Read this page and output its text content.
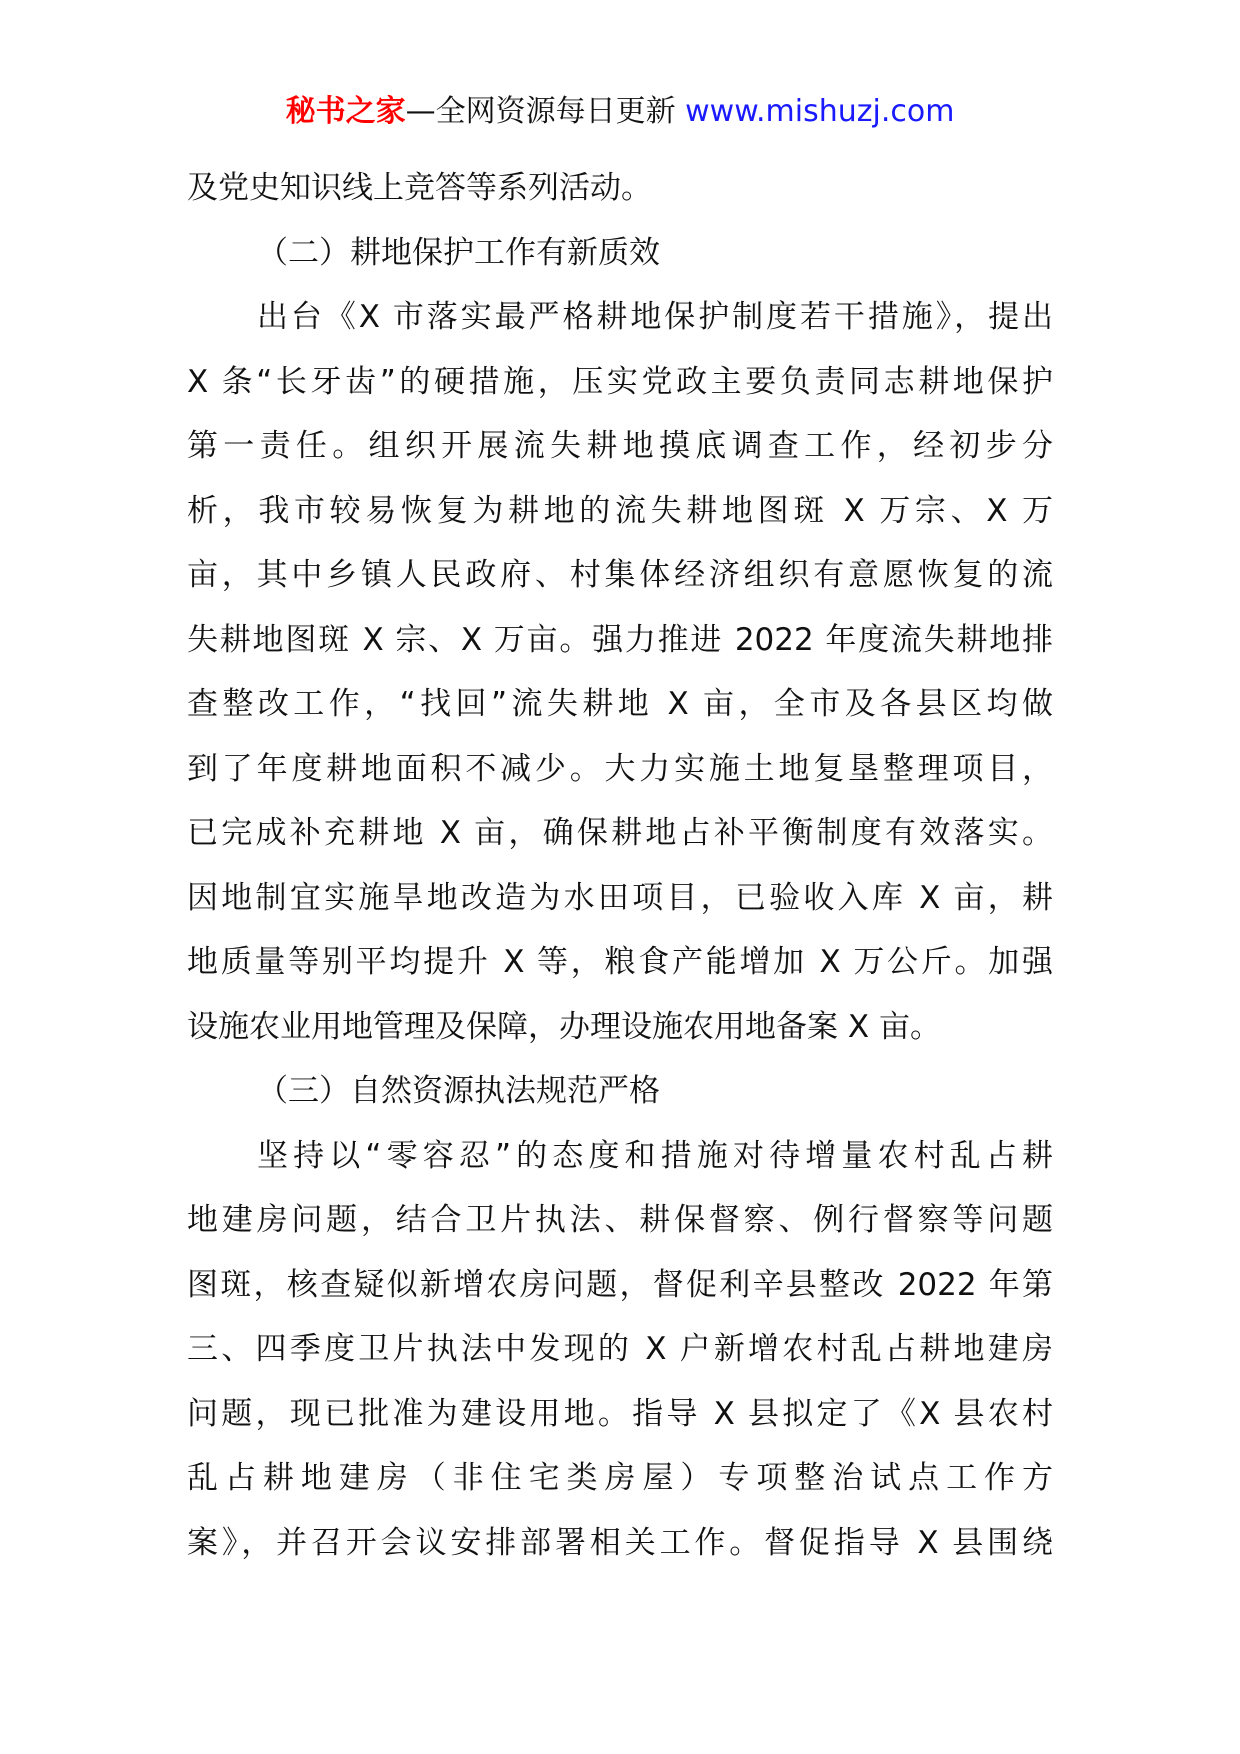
秘书之家—全网资源每日更新 www.mishuzj.com
及党史知识线上竞答等系列活动。
（二）耕地保护工作有新质效
出台《X 市落实最严格耕地保护制度若干措施》，提出
X 条“长牙齿”的硬措施，压实党政主要负责同志耕地保护
第一责任。组织开展流失耕地摸底调查工作，经初步分
析，我市较易恢复为耕地的流失耕地图斑 X 万宗、X 万
亩，其中乡镇人民政府、村集体经济组织有意愿恢复的流
失耕地图斑 X 宗、X 万亩。强力推进 2022 年度流失耕地排
查整改工作，“找回”流失耕地 X 亩，全市及各县区均做
到了年度耕地面积不减少。大力实施土地复垦整理项目，
已完成补充耕地 X 亩，确保耕地占补平衡制度有效落实。
因地制宜实施旱地改造为水田项目，已验收入库 X 亩，耕
地质量等别平均提升 X 等，粮食产能增加 X 万公斤。加强
设施农业用地管理及保障，办理设施农用地备案 X 亩。
（三）自然资源执法规范严格
坚持以“零容忍”的态度和措施对待增量农村乱占耕
地建房问题，结合卫片执法、耕保督察、例行督察等问题
图斑，核查疑似新增农房问题，督促利辛县整改 2022 年第
三、四季度卫片执法中发现的 X 户新增农村乱占耕地建房
问题，现已批准为建设用地。指导 X 县拟定了《X 县农村
乱占耕地建房（非住宅类房屋）专项整治试点工作方
案》，并召开会议安排部署相关工作。督促指导 X 县围绕
